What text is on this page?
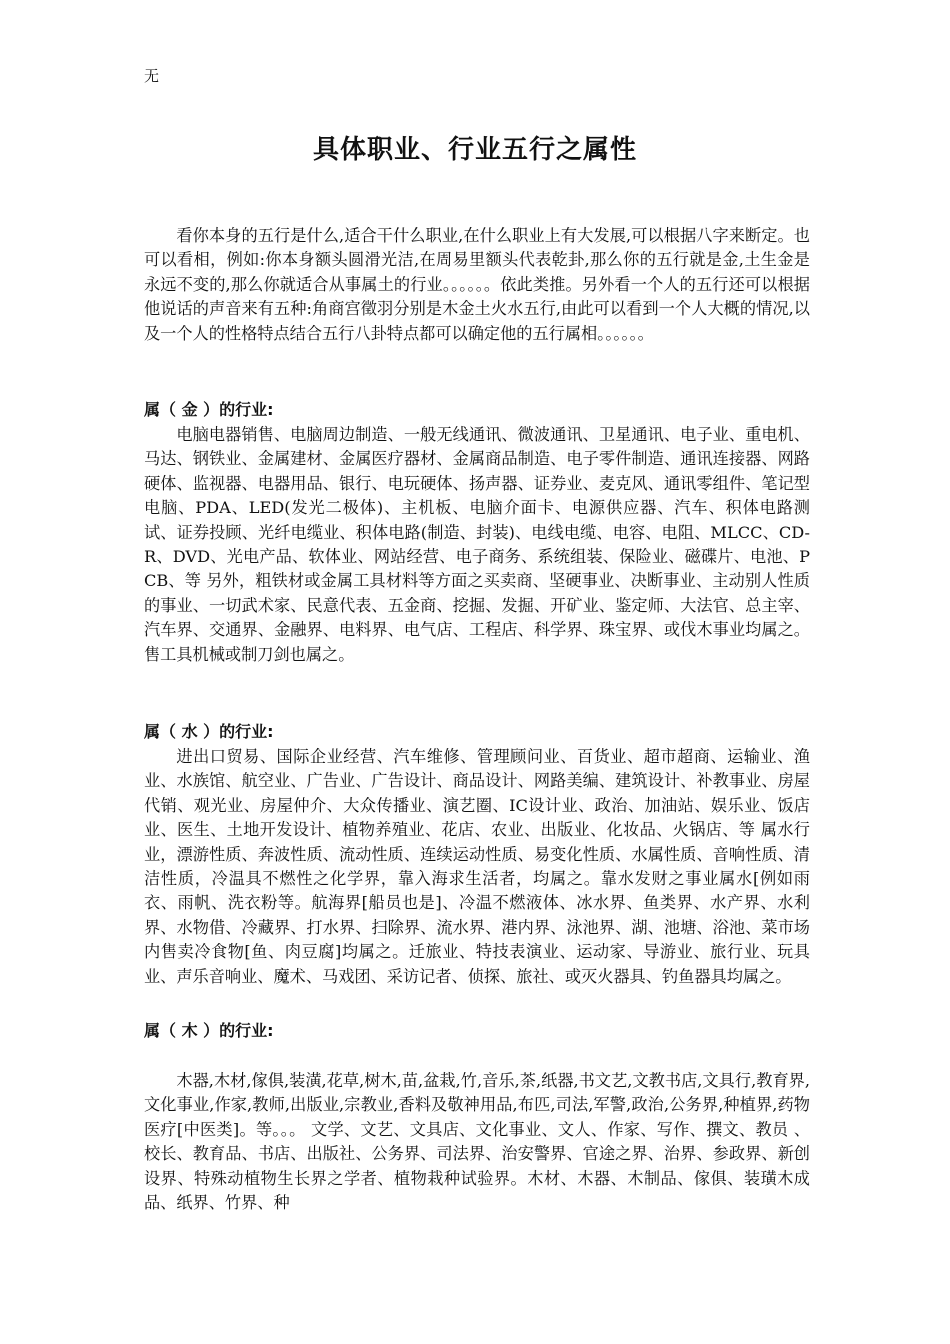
无
具体职业、行业五行之属性

看你本身的五行是什么,适合干什么职业,在什么职业上有大发展,可以根据八字来断定。也可以看相，例如:你本身额头圆滑光洁,在周易里额头代表乾卦,那么你的五行就是金,土生金是永远不变的,那么你就适合从事属土的行业。。。。。。依此类推。另外看一个人的五行还可以根据他说话的声音来有五种:角商宫徵羽分别是木金土火水五行,由此可以看到一个人大概的情况,以及一个人的性格特点结合五行八卦特点都可以确定他的五行属相。。。。。。

属（ 金 ）的行业:

电脑电器销售、电脑周边制造、一般无线通讯、微波通讯、卫星通讯、电子业、重电机、马达、钢铁业、金属建材、金属医疗器材、金属商品制造、电子零件制造、通讯连接器、网路硬体、监视器、电器用品、银行、电玩硬体、扬声器、证券业、麦克风、通讯零组件、笔记型电脑、PDA、LED(发光二极体)、主机板、电脑介面卡、电源供应器、汽车、积体电路测试、证券投顾、光纤电缆业、积体电路(制造、封装)、电线电缆、电容、电阻、MLCC、CD-R、DVD、光电产品、软体业、网站经营、电子商务、系统组装、保险业、磁碟片、电池、PCB、等 另外，粗铁材或金属工具材料等方面之买卖商、坚硬事业、决断事业、主动别人性质的事业、一切武术家、民意代表、五金商、挖掘、发掘、开矿业、鉴定师、大法官、总主宰、汽车界、交通界、金融界、电料界、电气店、工程店、科学界、珠宝界、或伐木事业均属之。售工具机械或制刀剑也属之。

属（ 水 ）的行业:

进出口贸易、国际企业经营、汽车维修、管理顾问业、百货业、超市超商、运输业、渔业、水族馆、航空业、广告业、广告设计、商品设计、网路美编、建筑设计、补教事业、房屋代销、观光业、房屋仲介、大众传播业、演艺圈、IC设计业、政治、加油站、娱乐业、饭店业、医生、土地开发设计、植物养殖业、花店、农业、出版业、化妆品、火锅店、等 属水行业，漂游性质、奔波性质、流动性质、连续运动性质、易变化性质、水属性质、音响性质、清洁性质，冷温具不燃性之化学界，靠入海求生活者，均属之。靠水发财之事业属水[例如雨衣、雨帆、洗衣粉等。航海界[船员也是]、冷温不燃液体、冰水界、鱼类界、水产界、水利界、水物借、冷藏界、打水界、扫除界、流水界、港内界、泳池界、湖、池塘、浴池、菜市场内售卖冷食物[鱼、肉豆腐]均属之。迁旅业、特技表演业、运动家、导游业、旅行业、玩具业、声乐音响业、魔术、马戏团、采访记者、侦探、旅社、或灭火器具、钓鱼器具均属之。

属（ 木 ）的行业:

木器,木材,傢俱,装潢,花草,树木,苗,盆栽,竹,音乐,茶,纸器,书文艺,文教书店,文具行,教育界,文化事业,作家,教师,出版业,宗教业,香料及敬神用品,布匹,司法,军警,政治,公务界,种植界,药物医疗[中医类]。等。。。 文学、文艺、文具店、文化事业、文人、作家、写作、撰文、教员 、校长、教育品、书店、出版社、公务界、司法界、治安警界、官途之界、治界、参政界、新创设界、特殊动植物生长界之学者、植物栽种试验界。木材、木器、木制品、傢俱、装璜木成品、纸界、竹界、种
